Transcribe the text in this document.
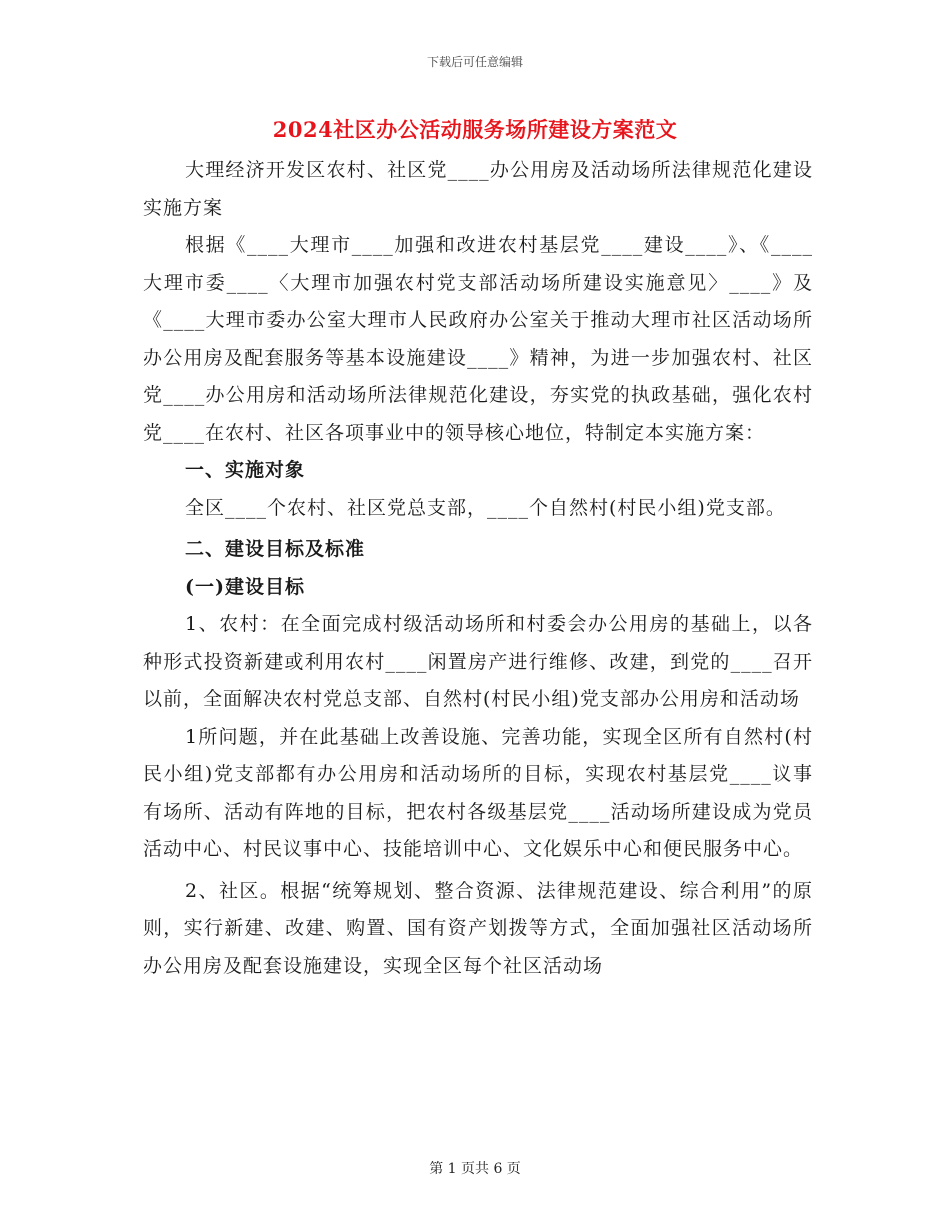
下载后可任意编辑
2024社区办公活动服务场所建设方案范文

大理经济开发区农村、社区党____办公用房及活动场所法律规范化建设实施方案

根据《____大理市____加强和改进农村基层党____建设____》、《____大理市委____〈大理市加强农村党支部活动场所建设实施意见〉____》及《____大理市委办公室大理市人民政府办公室关于推动大理市社区活动场所办公用房及配套服务等基本设施建设____》精神，为进一步加强农村、社区党____办公用房和活动场所法律规范化建设，夯实党的执政基础，强化农村党____在农村、社区各项事业中的领导核心地位，特制定本实施方案：

一、实施对象

全区____个农村、社区党总支部，____个自然村(村民小组)党支部。

二、建设目标及标准

(一)建设目标

1、农村：在全面完成村级活动场所和村委会办公用房的基础上，以各种形式投资新建或利用农村____闲置房产进行维修、改建，到党的____召开以前，全面解决农村党总支部、自然村(村民小组)党支部办公用房和活动场

1所问题，并在此基础上改善设施、完善功能，实现全区所有自然村(村民小组)党支部都有办公用房和活动场所的目标，实现农村基层党____议事有场所、活动有阵地的目标，把农村各级基层党____活动场所建设成为党员活动中心、村民议事中心、技能培训中心、文化娱乐中心和便民服务中心。

2、社区。根据“统筹规划、整合资源、法律规范建设、综合利用”的原则，实行新建、改建、购置、国有资产划拨等方式，全面加强社区活动场所办公用房及配套设施建设，实现全区每个社区活动场

第 1 页共 6 页
